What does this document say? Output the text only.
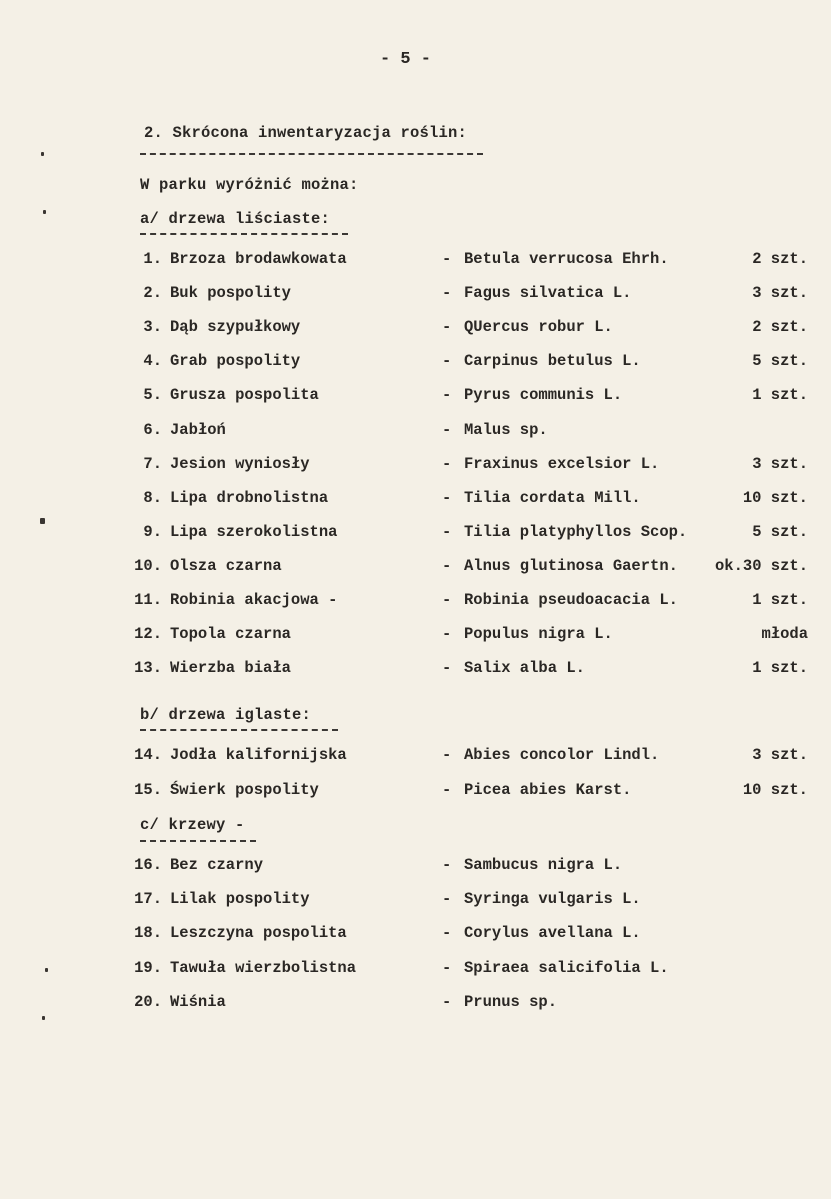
- 5 -
2. Skrócona inwentaryzacja roślin:
W parku wyróżnić można:
a/ drzewa liściaste:
1. Brzoza brodawkowata	- Betula verrucosa Ehrh.	2 szt.
2. Buk pospolity	- Fagus silvatica L.	3 szt.
3. Dąb szypułkowy	- QUercus robur L.	2 szt.
4. Grab pospolity	- Carpinus betulus L.	5 szt.
5. Grusza pospolita	- Pyrus communis L.	1 szt.
6. Jabłoń	- Malus sp.
7. Jesion wyniosły	- Fraxinus excelsior L.	3 szt.
8. Lipa drobnolistna	- Tilia cordata Mill.	10 szt.
9. Lipa szerokolistna	- Tilia platyphyllos Scop.	5 szt.
10. Olsza czarna	- Alnus glutinosa Gaertn.	ok.30 szt.
11. Robinia akacjowa -	- Robinia pseudoacacia L.	1 szt.
12. Topola czarna	- Populus nigra L.	młoda
13. Wierzba biała	- Salix alba L.	1 szt.
b/ drzewa iglaste:
14. Jodła kalifornijska	- Abies concolor Lindl.	3 szt.
15. Świerk pospolity	- Picea abies Karst.	10 szt.
c/ krzewy -
16. Bez czarny	- Sambucus nigra L.
17. Lilak pospolity	- Syringa vulgaris L.
18. Leszczyna pospolita	- Corylus avellana L.
19. Tawuła wierzbolistna	- Spiraea salicifolia L.
20. Wiśnia	- Prunus sp.
